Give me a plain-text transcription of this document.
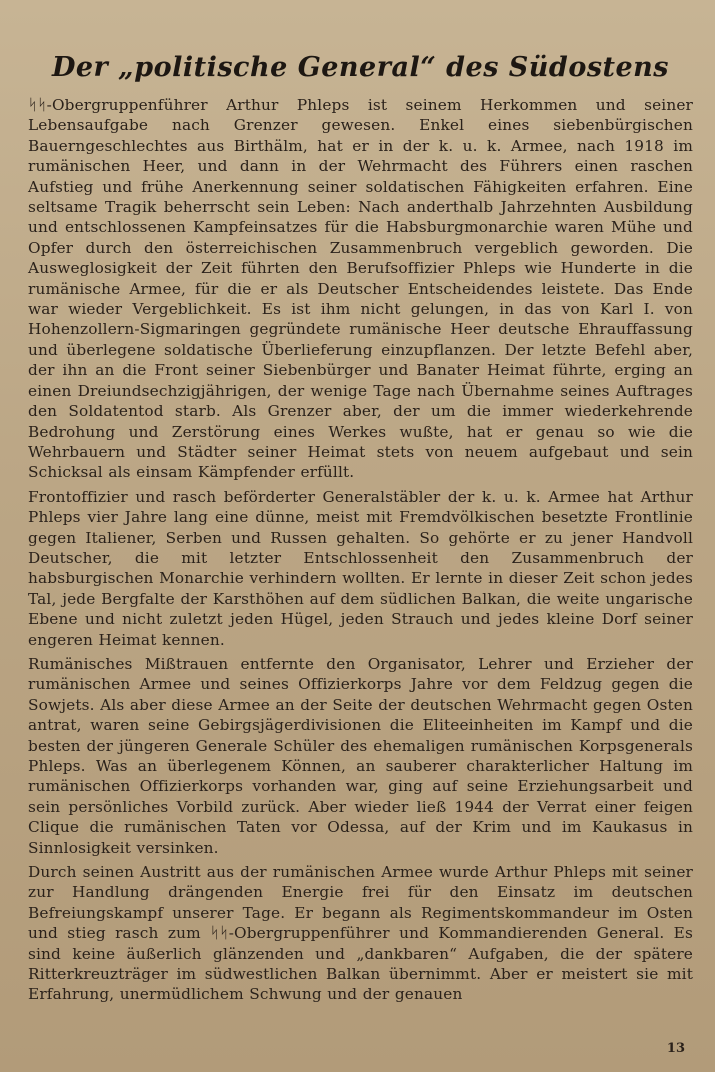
Der „politische General“ des Südostens

ᛋᛋ-Obergruppenführer Arthur Phleps ist seinem Herkommen und seiner Lebensaufgabe nach Grenzer gewesen. Enkel eines siebenbürgischen Bauerngeschlechtes aus Birthälm, hat er in der k. u. k. Armee, nach 1918 im rumänischen Heer, und dann in der Wehrmacht des Führers einen raschen Aufstieg und frühe Anerkennung seiner soldatischen Fähigkeiten erfahren. Eine seltsame Tragik beherrscht sein Leben: Nach anderthalb Jahrzehnten Ausbildung und entschlossenen Kampfeinsatzes für die Habsburgmonarchie waren Mühe und Opfer durch den österreichischen Zusammenbruch vergeblich geworden. Die Ausweglosigkeit der Zeit führten den Berufsoffizier Phleps wie Hunderte in die rumänische Armee, für die er als Deutscher Entscheidendes leistete. Das Ende war wieder Vergeblichkeit. Es ist ihm nicht gelungen, in das von Karl I. von Hohenzollern-Sigmaringen gegründete rumänische Heer deutsche Ehrauffassung und überlegene soldatische Überlieferung einzupflanzen. Der letzte Befehl aber, der ihn an die Front seiner Siebenbürger und Banater Heimat führte, erging an einen Dreiundsechzigjährigen, der wenige Tage nach Übernahme seines Auftrages den Soldatentod starb. Als Grenzer aber, der um die immer wiederkehrende Bedrohung und Zerstörung eines Werkes wußte, hat er genau so wie die Wehrbauern und Städter seiner Heimat stets von neuem aufgebaut und sein Schicksal als einsam Kämpfender erfüllt.

Frontoffizier und rasch beförderter Generalstäbler der k. u. k. Armee hat Arthur Phleps vier Jahre lang eine dünne, meist mit Fremdvölkischen besetzte Frontlinie gegen Italiener, Serben und Russen gehalten. So gehörte er zu jener Handvoll Deutscher, die mit letzter Entschlossenheit den Zusammenbruch der habsburgischen Monarchie verhindern wollten. Er lernte in dieser Zeit schon jedes Tal, jede Bergfalte der Karsthöhen auf dem südlichen Balkan, die weite ungarische Ebene und nicht zuletzt jeden Hügel, jeden Strauch und jedes kleine Dorf seiner engeren Heimat kennen.

Rumänisches Mißtrauen entfernte den Organisator, Lehrer und Erzieher der rumänischen Armee und seines Offizierkorps Jahre vor dem Feldzug gegen die Sowjets. Als aber diese Armee an der Seite der deutschen Wehrmacht gegen Osten antrat, waren seine Gebirgsjägerdivisionen die Eliteeinheiten im Kampf und die besten der jüngeren Generale Schüler des ehemaligen rumänischen Korpsgenerals Phleps. Was an überlegenem Können, an sauberer charakterlicher Haltung im rumänischen Offizierkorps vorhanden war, ging auf seine Erziehungsarbeit und sein persönliches Vorbild zurück. Aber wieder ließ 1944 der Verrat einer feigen Clique die rumänischen Taten vor Odessa, auf der Krim und im Kaukasus in Sinnlosigkeit versinken.

Durch seinen Austritt aus der rumänischen Armee wurde Arthur Phleps mit seiner zur Handlung drängenden Energie frei für den Einsatz im deutschen Befreiungskampf unserer Tage. Er begann als Regimentskommandeur im Osten und stieg rasch zum ᛋᛋ-Obergruppenführer und Kommandierenden General. Es sind keine äußerlich glänzenden und „dankbaren“ Aufgaben, die der spätere Ritterkreuzträger im südwestlichen Balkan übernimmt. Aber er meistert sie mit Erfahrung, unermüdlichem Schwung und der genauen

13
